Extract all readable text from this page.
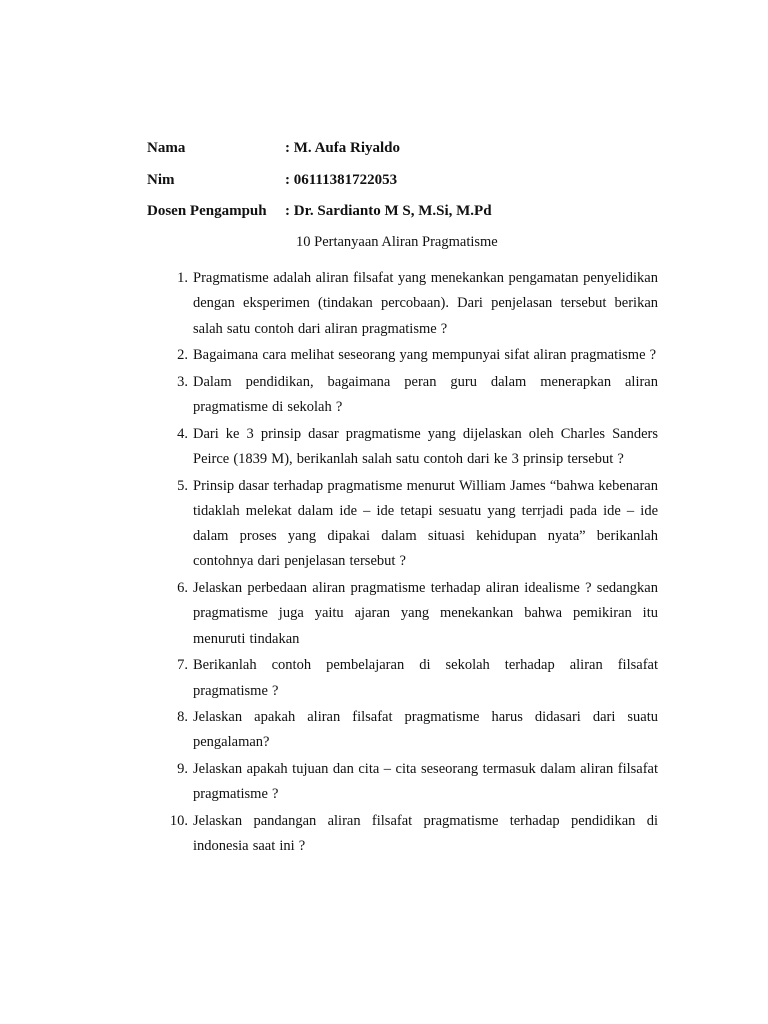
Nama	: M. Aufa Riyaldo
Nim	: 06111381722053
Dosen Pengampuh : Dr. Sardianto M S, M.Si, M.Pd
10 Pertanyaan Aliran Pragmatisme
1. Pragmatisme adalah aliran filsafat yang menekankan pengamatan penyelidikan dengan eksperimen (tindakan percobaan). Dari penjelasan tersebut berikan salah satu contoh dari aliran pragmatisme ?
2. Bagaimana cara melihat seseorang yang mempunyai sifat aliran pragmatisme ?
3. Dalam pendidikan, bagaimana peran guru dalam menerapkan aliran pragmatisme di sekolah ?
4. Dari ke 3 prinsip dasar pragmatisme yang dijelaskan oleh Charles Sanders Peirce (1839 M), berikanlah salah satu contoh dari ke 3 prinsip tersebut ?
5. Prinsip dasar terhadap pragmatisme menurut William James “bahwa kebenaran tidaklah melekat dalam ide – ide tetapi sesuatu yang terrjadi pada ide – ide dalam proses yang dipakai dalam situasi kehidupan nyata” berikanlah contohnya dari penjelasan tersebut ?
6. Jelaskan perbedaan aliran pragmatisme terhadap aliran idealisme ? sedangkan pragmatisme juga yaitu ajaran yang menekankan bahwa pemikiran itu menuruti tindakan
7. Berikanlah contoh pembelajaran di sekolah terhadap aliran filsafat pragmatisme ?
8. Jelaskan apakah aliran filsafat pragmatisme harus didasari dari suatu pengalaman?
9. Jelaskan apakah tujuan dan cita – cita seseorang termasuk dalam aliran filsafat pragmatisme ?
10. Jelaskan pandangan aliran filsafat pragmatisme terhadap pendidikan di indonesia saat ini ?
